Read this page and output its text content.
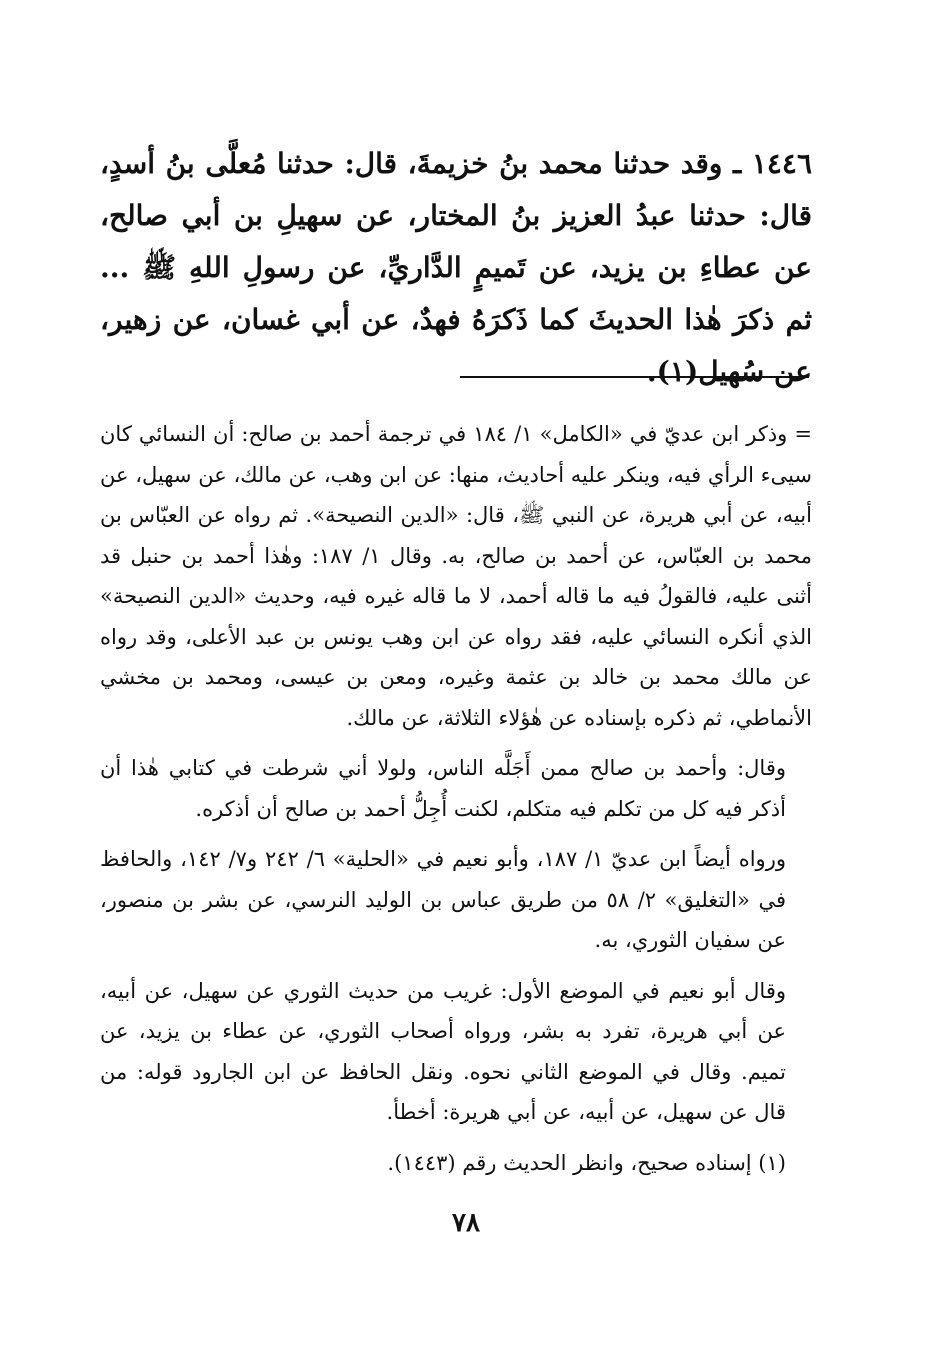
١٤٤٦ ـ وقد حدثنا محمد بنُ خزيمةَ، قال: حدثنا مُعلَّى بنُ أسدٍ، قال: حدثنا عبدُ العزيز بنُ المختار، عن سهيلِ بن أبي صالح، عن عطاءِ بن يزيد، عن تَميمٍ الدَّاريِّ، عن رسولِ اللهِ ﷺ ... ثم ذكرَ هٰذا الحديثَ كما ذَكرَهُ فهدٌ، عن أبي غسان، عن زهير، عن سُهيل(١).

= وذكر ابن عديّ في «الكامل» ١/ ١٨٤ في ترجمة أحمد بن صالح: أن النسائي كان سيىء الرأي فيه، وينكر عليه أحاديث، منها: عن ابن وهب، عن مالك، عن سهيل، عن أبيه، عن أبي هريرة، عن النبي ﷺ، قال: «الدين النصيحة». ثم رواه عن العبّاس بن محمد بن العبّاس، عن أحمد بن صالح، به. وقال ١/ ١٨٧: وهٰذا أحمد بن حنبل قد أثنى عليه، فالقولُ فيه ما قاله أحمد، لا ما قاله غيره فيه، وحديث «الدين النصيحة» الذي أنكره النسائي عليه، فقد رواه عن ابن وهب يونس بن عبد الأعلى، وقد رواه عن مالك محمد بن خالد بن عثمة وغيره، ومعن بن عيسى، ومحمد بن مخشي الأنماطي، ثم ذكره بإسناده عن هٰؤلاء الثلاثة، عن مالك.

وقال: وأحمد بن صالح ممن أَجَلَّه الناس، ولولا أني شرطت في كتابي هٰذا أن أذكر فيه كل من تكلم فيه متكلم، لكنت أُجِلُّ أحمد بن صالح أن أذكره.

ورواه أيضاً ابن عديّ ١/ ١٨٧، وأبو نعيم في «الحلية» ٦/ ٢٤٢ و٧/ ١٤٢، والحافظ في «التغليق» ٢/ ٥٨ من طريق عباس بن الوليد النرسي، عن بشر بن منصور، عن سفيان الثوري، به.

وقال أبو نعيم في الموضع الأول: غريب من حديث الثوري عن سهيل، عن أبيه، عن أبي هريرة، تفرد به بشر، ورواه أصحاب الثوري، عن عطاء بن يزيد، عن تميم. وقال في الموضع الثاني نحوه. ونقل الحافظ عن ابن الجارود قوله: من قال عن سهيل، عن أبيه، عن أبي هريرة: أخطأ.

(١) إسناده صحيح، وانظر الحديث رقم (١٤٤٣).

٧٨
